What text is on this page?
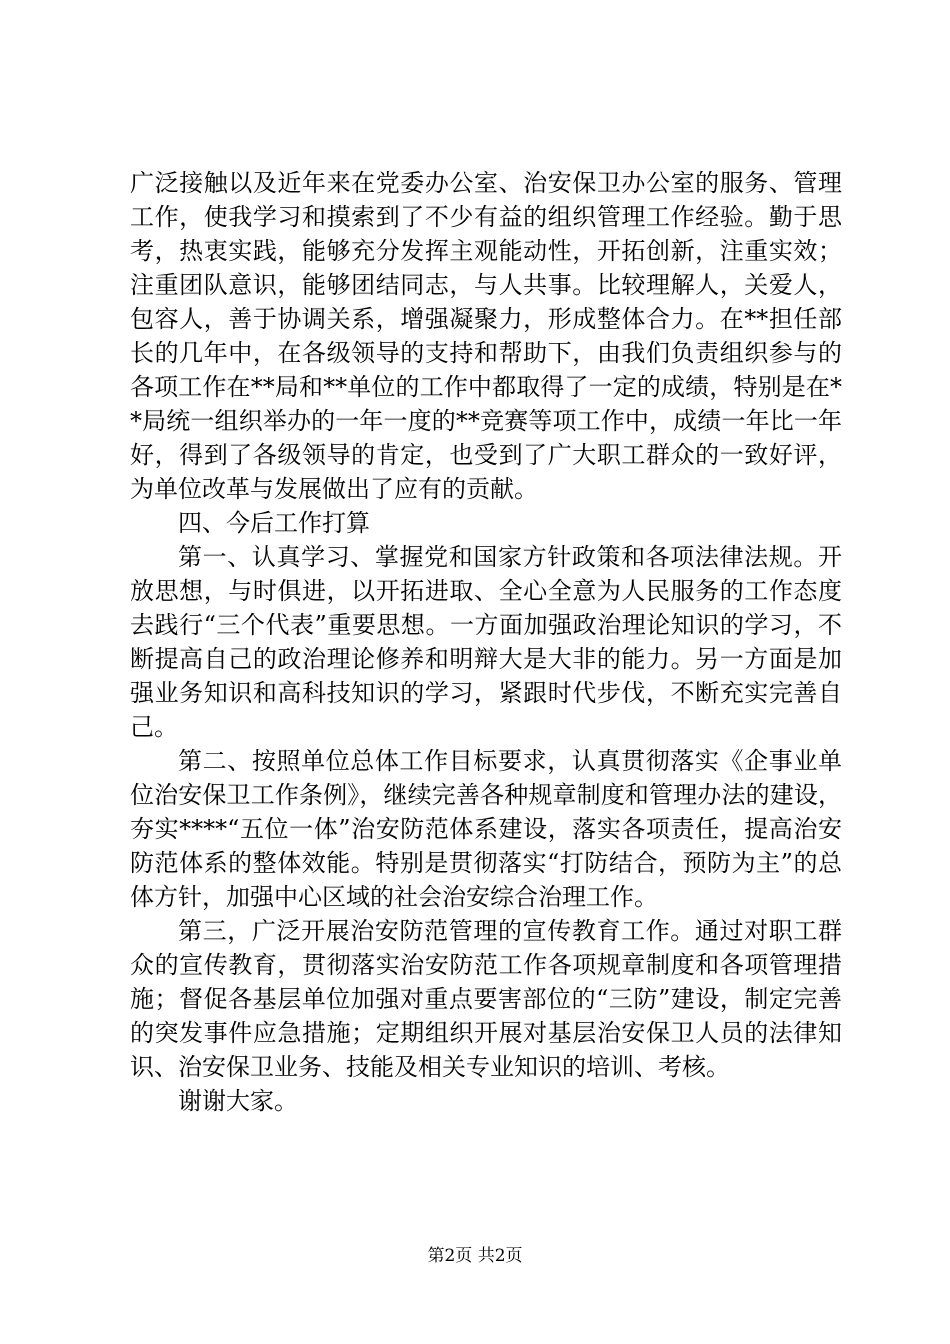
广泛接触以及近年来在党委办公室、治安保卫办公室的服务、管理工作，使我学习和摸索到了不少有益的组织管理工作经验。勤于思考，热衷实践，能够充分发挥主观能动性，开拓创新，注重实效；注重团队意识，能够团结同志，与人共事。比较理解人，关爱人，包容人，善于协调关系，增强凝聚力，形成整体合力。在**担任部长的几年中，在各级领导的支持和帮助下，由我们负责组织参与的各项工作在**局和**单位的工作中都取得了一定的成绩，特别是在**局统一组织举办的一年一度的**竞赛等项工作中，成绩一年比一年好，得到了各级领导的肯定，也受到了广大职工群众的一致好评，为单位改革与发展做出了应有的贡献。

四、今后工作打算

第一、认真学习、掌握党和国家方针政策和各项法律法规。开放思想，与时俱进，以开拓进取、全心全意为人民服务的工作态度去践行“三个代表”重要思想。一方面加强政治理论知识的学习，不断提高自己的政治理论修养和明辩大是大非的能力。另一方面是加强业务知识和高科技知识的学习，紧跟时代步伐，不断充实完善自己。

第二、按照单位总体工作目标要求，认真贯彻落实《企事业单位治安保卫工作条例》，继续完善各种规章制度和管理办法的建设，夯实****“五位一体”治安防范体系建设，落实各项责任，提高治安防范体系的整体效能。特别是贯彻落实“打防结合，预防为主”的总体方针，加强中心区域的社会治安综合治理工作。

第三，广泛开展治安防范管理的宣传教育工作。通过对职工群众的宣传教育，贯彻落实治安防范工作各项规章制度和各项管理措施；督促各基层单位加强对重点要害部位的“三防”建设，制定完善的突发事件应急措施；定期组织开展对基层治安保卫人员的法律知识、治安保卫业务、技能及相关专业知识的培训、考核。

谢谢大家。

第2页 共2页
